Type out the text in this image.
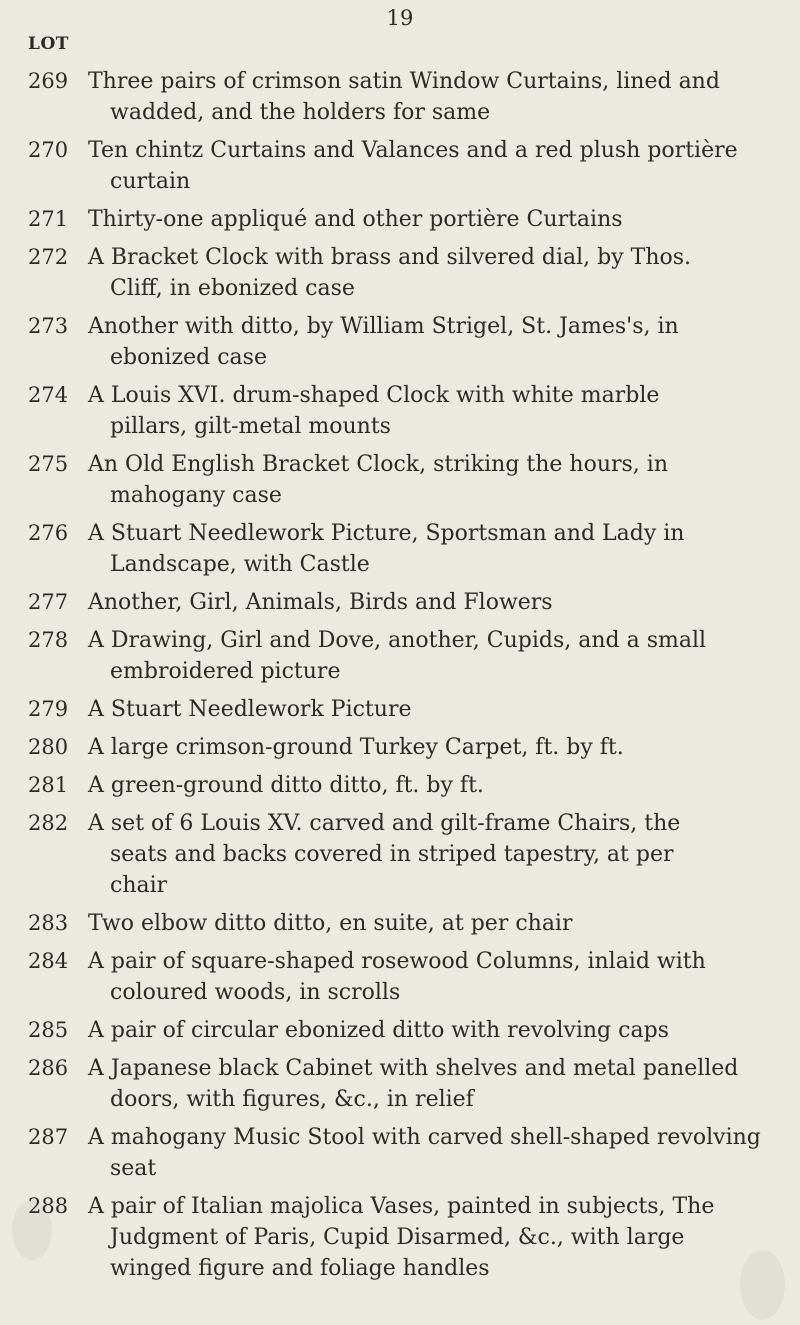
19
LOT
269 Three pairs of crimson satin Window Curtains, lined and
wadded, and the holders for same
270 Ten chintz Curtains and Valances and a red plush portière
curtain
271 Thirty-one appliqué and other portière Curtains
272 A Bracket Clock with brass and silvered dial, by Thos.
Cliff, in ebonized case
273 Another with ditto, by William Strigel, St. James's, in
ebonized case
274 A Louis XVI. drum-shaped Clock with white marble
pillars, gilt-metal mounts
275 An Old English Bracket Clock, striking the hours, in
mahogany case
276 A Stuart Needlework Picture, Sportsman and Lady in
Landscape, with Castle
277 Another, Girl, Animals, Birds and Flowers
278 A Drawing, Girl and Dove, another, Cupids, and a small
embroidered picture
279 A Stuart Needlework Picture
280 A large crimson-ground Turkey Carpet, ft. by ft.
281 A green-ground ditto ditto, ft. by ft.
282 A set of 6 Louis XV. carved and gilt-frame Chairs, the
seats and backs covered in striped tapestry, at per
chair
283 Two elbow ditto ditto, en suite, at per chair
284 A pair of square-shaped rosewood Columns, inlaid with
coloured woods, in scrolls
285 A pair of circular ebonized ditto with revolving caps
286 A Japanese black Cabinet with shelves and metal panelled
doors, with figures, &c., in relief
287 A mahogany Music Stool with carved shell-shaped revolving
seat
288 A pair of Italian majolica Vases, painted in subjects, The
Judgment of Paris, Cupid Disarmed, &c., with large
winged figure and foliage handles
